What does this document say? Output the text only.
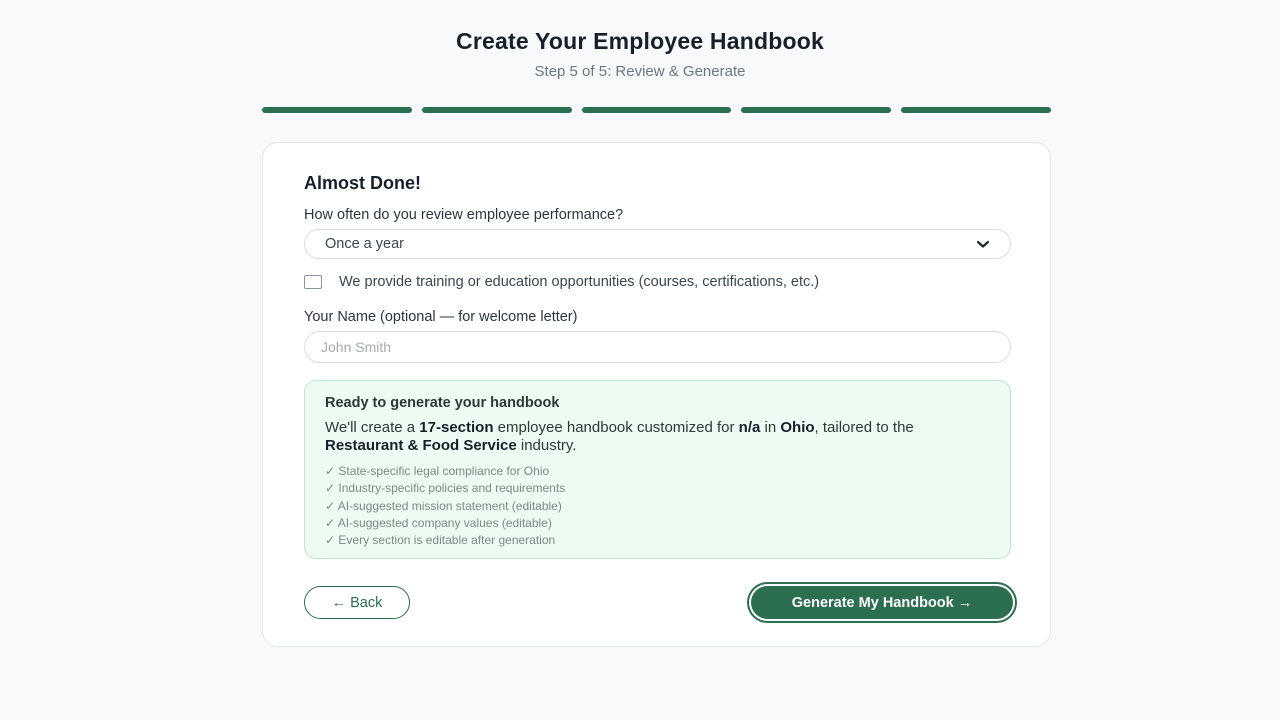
Create Your Employee Handbook
Step 5 of 5: Review & Generate
Almost Done!
How often do you review employee performance?
Once a year
We provide training or education opportunities (courses, certifications, etc.)
Your Name (optional — for welcome letter)
John Smith
Ready to generate your handbook
We'll create a 17-section employee handbook customized for n/a in Ohio, tailored to the Restaurant & Food Service industry.
✓ State-specific legal compliance for Ohio
✓ Industry-specific policies and requirements
✓ AI-suggested mission statement (editable)
✓ AI-suggested company values (editable)
✓ Every section is editable after generation
← Back	Generate My Handbook →
